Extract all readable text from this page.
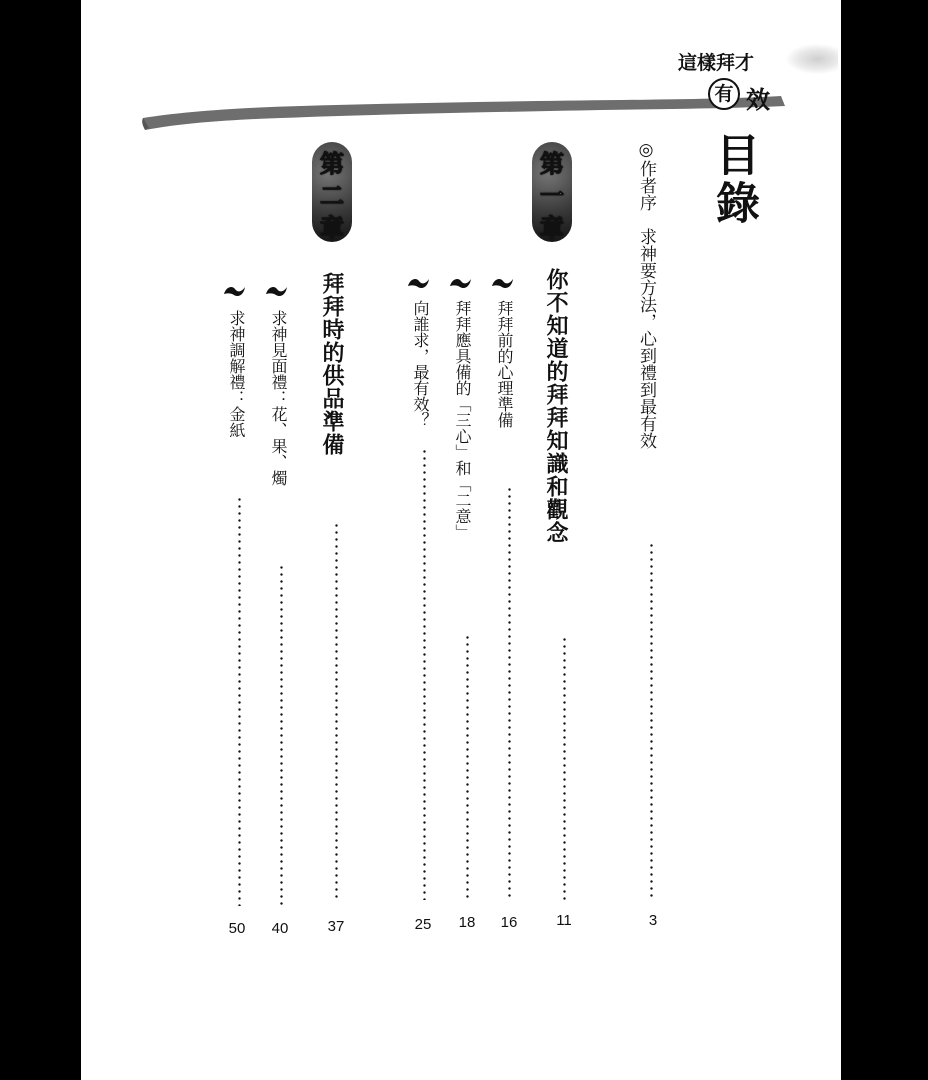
這樣拜才
有 效
目錄
◎作者序　求神要方法，心到禮到最有效
3
第
一
章
你不知道的拜拜知識和觀念
11
拜拜前的心理準備
16
拜拜應具備的「三心」和「二意」
18
向誰求，最有效？
25
第
二
章
拜拜時的供品準備
37
求神見面禮：花、果、燭
40
求神調解禮：金紙
50
